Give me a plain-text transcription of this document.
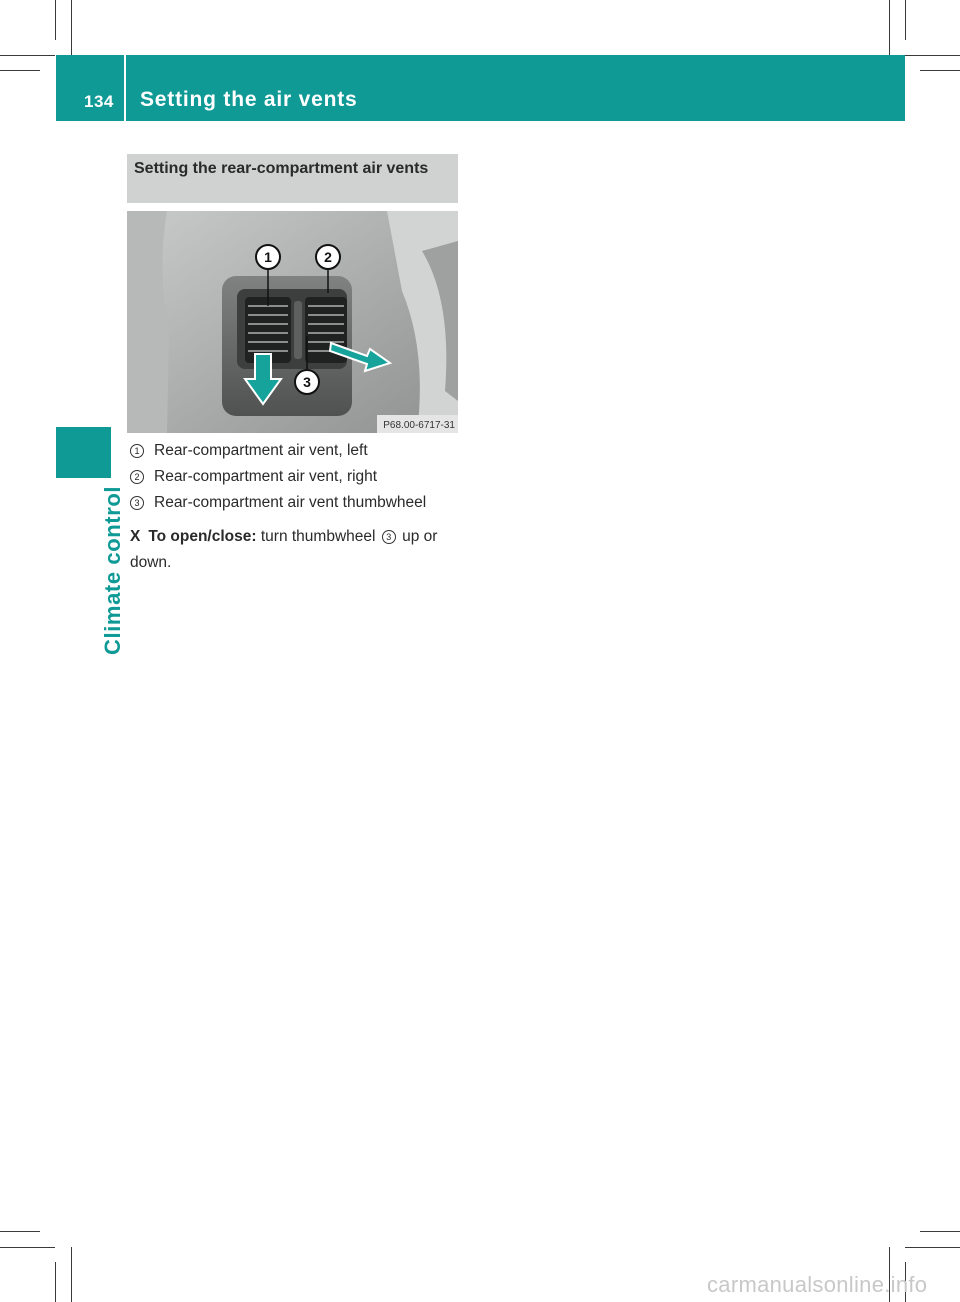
134 Setting the air vents
Climate control
Setting the rear-compartment air vents
1	2
3
P68.00-6717-31
1 Rear-compartment air vent, left
2 Rear-compartment air vent, right
3 Rear-compartment air vent thumbwheel
X To open/close: turn thumbwheel 3 up or down.
carmanualsonline.info
